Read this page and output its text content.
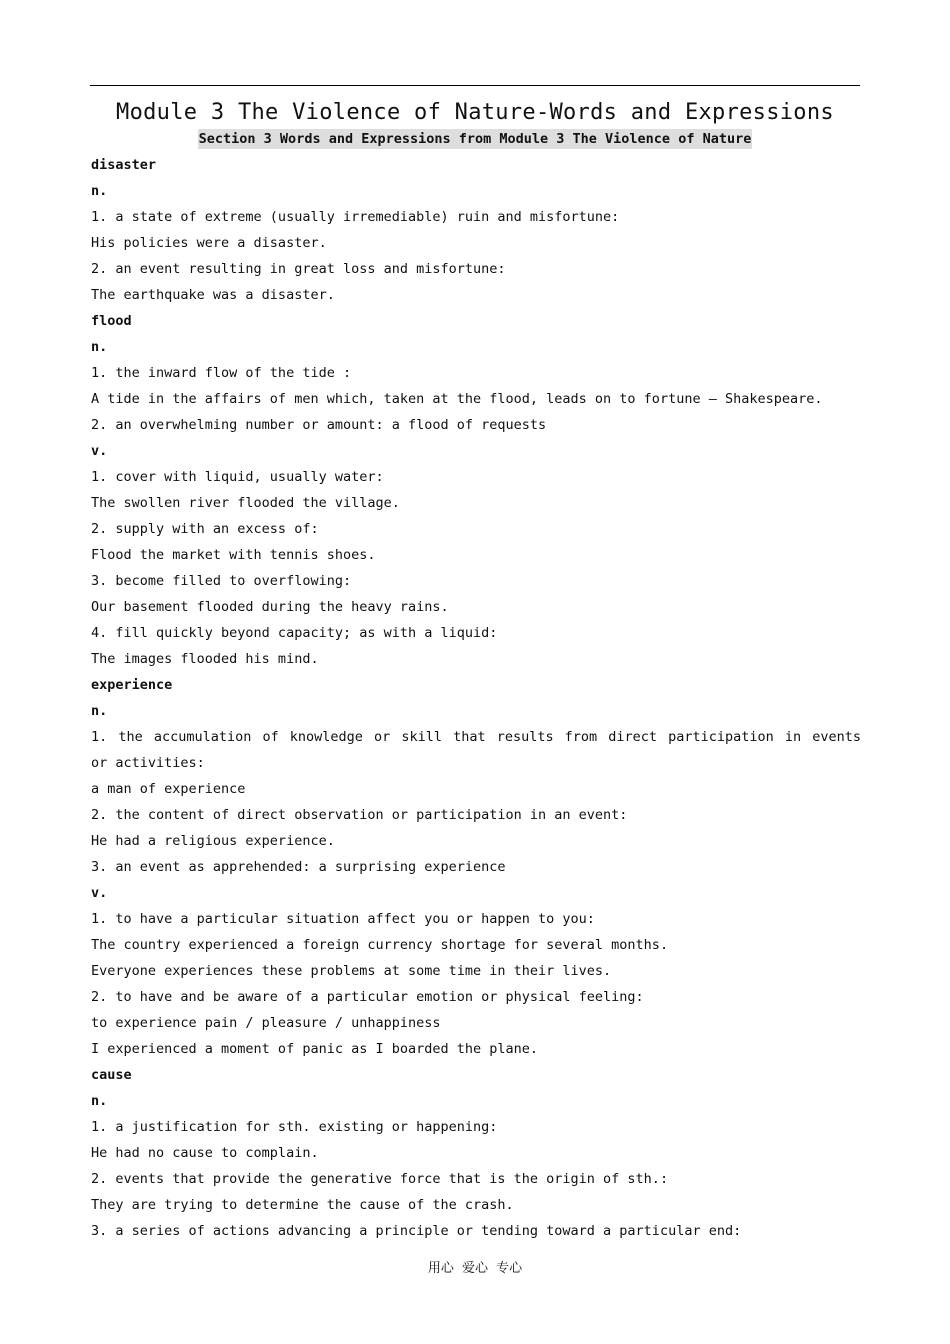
Module 3 The Violence of Nature-Words and Expressions
Section 3 Words and Expressions from Module 3 The Violence of Nature
disaster
n.
1. a state of extreme (usually irremediable) ruin and misfortune:
His policies were a disaster.
2. an event resulting in great loss and misfortune:
The earthquake was a disaster.
flood
n.
1. the inward flow of the tide :
A tide in the affairs of men which, taken at the flood, leads on to fortune – Shakespeare.
2. an overwhelming number or amount: a flood of requests
v.
1. cover with liquid, usually water:
The swollen river flooded the village.
2. supply with an excess of:
Flood the market with tennis shoes.
3. become filled to overflowing:
Our basement flooded during the heavy rains.
4. fill quickly beyond capacity; as with a liquid:
The images flooded his mind.
experience
n.
1. the accumulation of knowledge or skill that results from direct participation in events
or activities:
a man of experience
2. the content of direct observation or participation in an event:
He had a religious experience.
3. an event as apprehended: a surprising experience
v.
1. to have a particular situation affect you or happen to you:
The country experienced a foreign currency shortage for several months.
Everyone experiences these problems at some time in their lives.
2. to have and be aware of a particular emotion or physical feeling:
to experience pain / pleasure / unhappiness
I experienced a moment of panic as I boarded the plane.
cause
n.
1. a justification for sth. existing or happening:
He had no cause to complain.
2. events that provide the generative force that is the origin of sth.:
They are trying to determine the cause of the crash.
3. a series of actions advancing a principle or tending toward a particular end:
用心 爱心 专心
